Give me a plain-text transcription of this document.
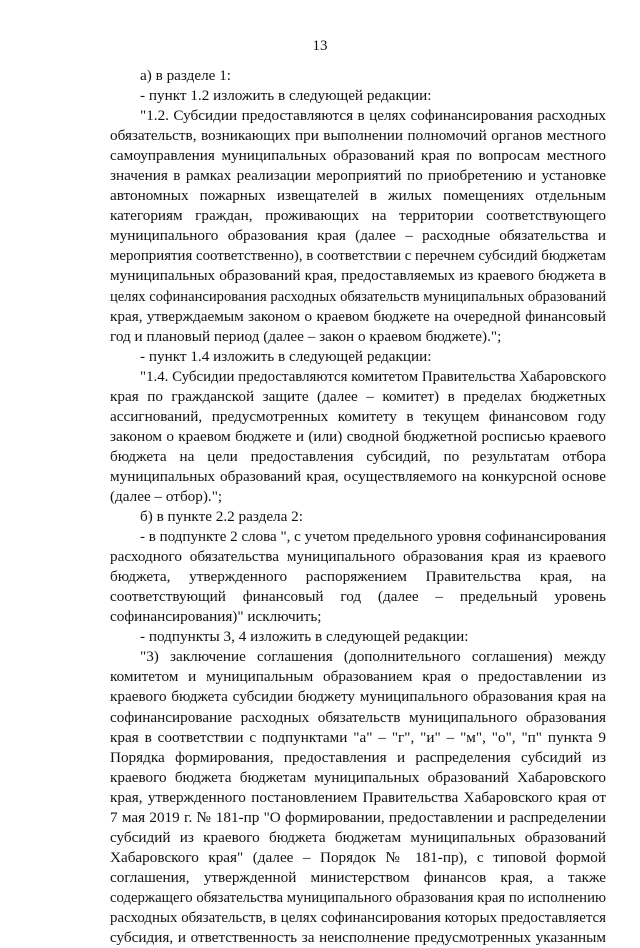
13
а) в разделе 1:
- пункт 1.2 изложить в следующей редакции:
"1.2. Субсидии предоставляются в целях софинансирования расходных
обязательств, возникающих при выполнении полномочий органов местного
самоуправления муниципальных образований края по вопросам местного
значения в рамках реализации мероприятий по приобретению и установке
автономных пожарных извещателей в жилых помещениях отдельным
категориям граждан, проживающих на территории соответствующего
муниципального образования края (далее – расходные обязательства и
мероприятия соответственно), в соответствии с перечнем субсидий бюджетам
муниципальных образований края, предоставляемых из краевого бюджета в
целях софинансирования расходных обязательств муниципальных образований
края, утверждаемым законом о краевом бюджете на очередной финансовый
год и плановый период (далее – закон о краевом бюджете).";
- пункт 1.4 изложить в следующей редакции:
"1.4. Субсидии предоставляются комитетом Правительства Хабаровского
края по гражданской защите (далее – комитет) в пределах бюджетных
ассигнований, предусмотренных комитету в текущем финансовом году
законом о краевом бюджете и (или) сводной бюджетной росписью краевого
бюджета на цели предоставления субсидий, по результатам отбора
муниципальных образований края, осуществляемого на конкурсной основе
(далее – отбор).";
б) в пункте 2.2 раздела 2:
- в подпункте 2 слова ", с учетом предельного уровня софинансирования
расходного обязательства муниципального образования края из краевого
бюджета, утвержденного распоряжением Правительства края, на
соответствующий финансовый год (далее – предельный уровень
софинансирования)" исключить;
- подпункты 3, 4 изложить в следующей редакции:
"3) заключение соглашения (дополнительного соглашения) между
комитетом и муниципальным образованием края о предоставлении из
краевого бюджета субсидии бюджету муниципального образования края на
софинансирование расходных обязательств муниципального образования
края в соответствии с подпунктами "а" – "г", "и" – "м", "о", "п" пункта 9
Порядка формирования, предоставления и распределения субсидий из
краевого бюджета бюджетам муниципальных образований Хабаровского
края, утвержденного постановлением Правительства Хабаровского края от
7 мая 2019 г. № 181-пр "О формировании, предоставлении и распределении
субсидий из краевого бюджета бюджетам муниципальных образований
Хабаровского края" (далее – Порядок № 181-пр), с типовой формой
соглашения, утвержденной министерством финансов края, а также
содержащего обязательства муниципального образования края по исполнению
расходных обязательств, в целях софинансирования которых предоставляется
субсидия, и ответственность за неисполнение предусмотренных указанным
